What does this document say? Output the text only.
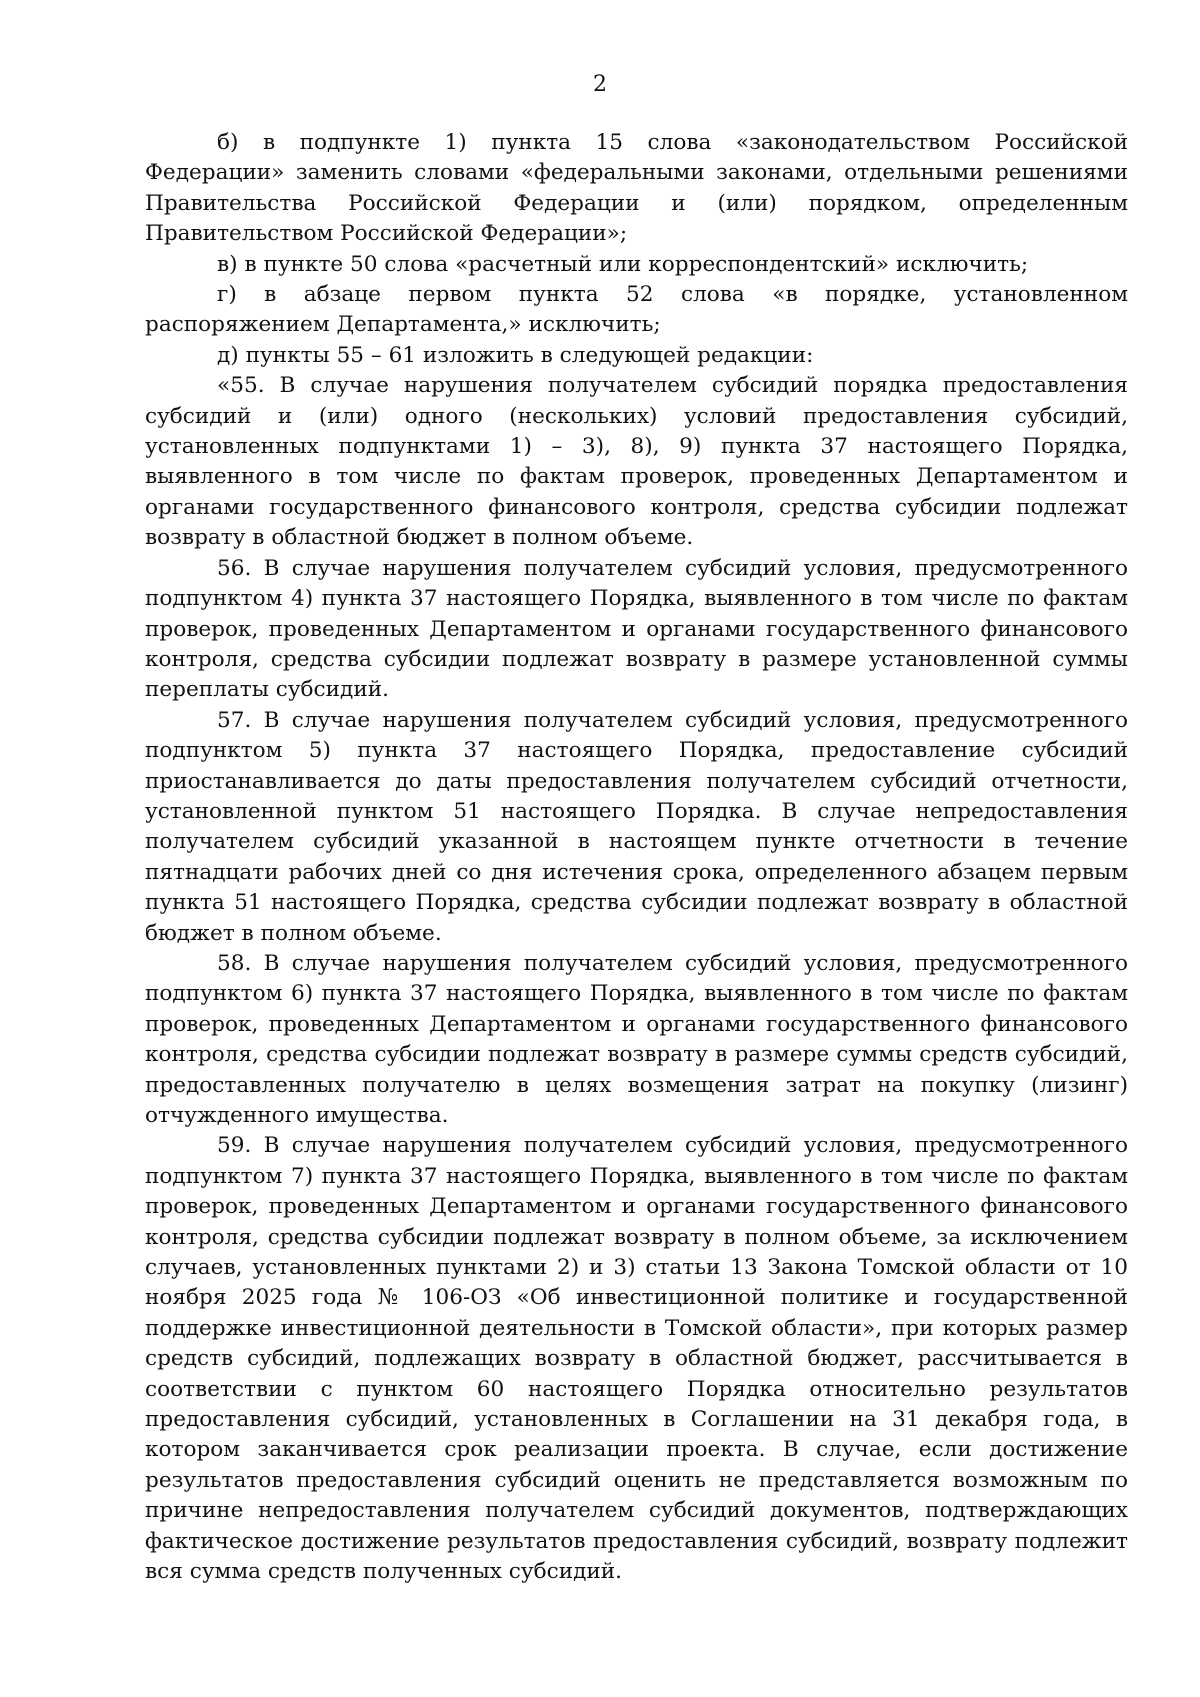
2

б) в подпункте 1) пункта 15 слова «законодательством Российской Федерации» заменить словами «федеральными законами, отдельными решениями Правительства Российской Федерации и (или) порядком, определенным Правительством Российской Федерации»;

в) в пункте 50 слова «расчетный или корреспондентский» исключить;

г) в абзаце первом пункта 52 слова «в порядке, установленном распоряжением Департамента,» исключить;

д) пункты 55 – 61 изложить в следующей редакции:

«55. В случае нарушения получателем субсидий порядка предоставления субсидий и (или) одного (нескольких) условий предоставления субсидий, установленных подпунктами 1) – 3), 8), 9) пункта 37 настоящего Порядка, выявленного в том числе по фактам проверок, проведенных Департаментом и органами государственного финансового контроля, средства субсидии подлежат возврату в областной бюджет в полном объеме.

56. В случае нарушения получателем субсидий условия, предусмотренного подпунктом 4) пункта 37 настоящего Порядка, выявленного в том числе по фактам проверок, проведенных Департаментом и органами государственного финансового контроля, средства субсидии подлежат возврату в размере установленной суммы переплаты субсидий.

57. В случае нарушения получателем субсидий условия, предусмотренного подпунктом 5) пункта 37 настоящего Порядка, предоставление субсидий приостанавливается до даты предоставления получателем субсидий отчетности, установленной пунктом 51 настоящего Порядка. В случае непредоставления получателем субсидий указанной в настоящем пункте отчетности в течение пятнадцати рабочих дней со дня истечения срока, определенного абзацем первым пункта 51 настоящего Порядка, средства субсидии подлежат возврату в областной бюджет в полном объеме.

58. В случае нарушения получателем субсидий условия, предусмотренного подпунктом 6) пункта 37 настоящего Порядка, выявленного в том числе по фактам проверок, проведенных Департаментом и органами государственного финансового контроля, средства субсидии подлежат возврату в размере суммы средств субсидий, предоставленных получателю в целях возмещения затрат на покупку (лизинг) отчужденного имущества.

59. В случае нарушения получателем субсидий условия, предусмотренного подпунктом 7) пункта 37 настоящего Порядка, выявленного в том числе по фактам проверок, проведенных Департаментом и органами государственного финансового контроля, средства субсидии подлежат возврату в полном объеме, за исключением случаев, установленных пунктами 2) и 3) статьи 13 Закона Томской области от 10 ноября 2025 года № 106-ОЗ «Об инвестиционной политике и государственной поддержке инвестиционной деятельности в Томской области», при которых размер средств субсидий, подлежащих возврату в областной бюджет, рассчитывается в соответствии с пунктом 60 настоящего Порядка относительно результатов предоставления субсидий, установленных в Соглашении на 31 декабря года, в котором заканчивается срок реализации проекта. В случае, если достижение результатов предоставления субсидий оценить не представляется возможным по причине непредоставления получателем субсидий документов, подтверждающих фактическое достижение результатов предоставления субсидий, возврату подлежит вся сумма средств полученных субсидий.
